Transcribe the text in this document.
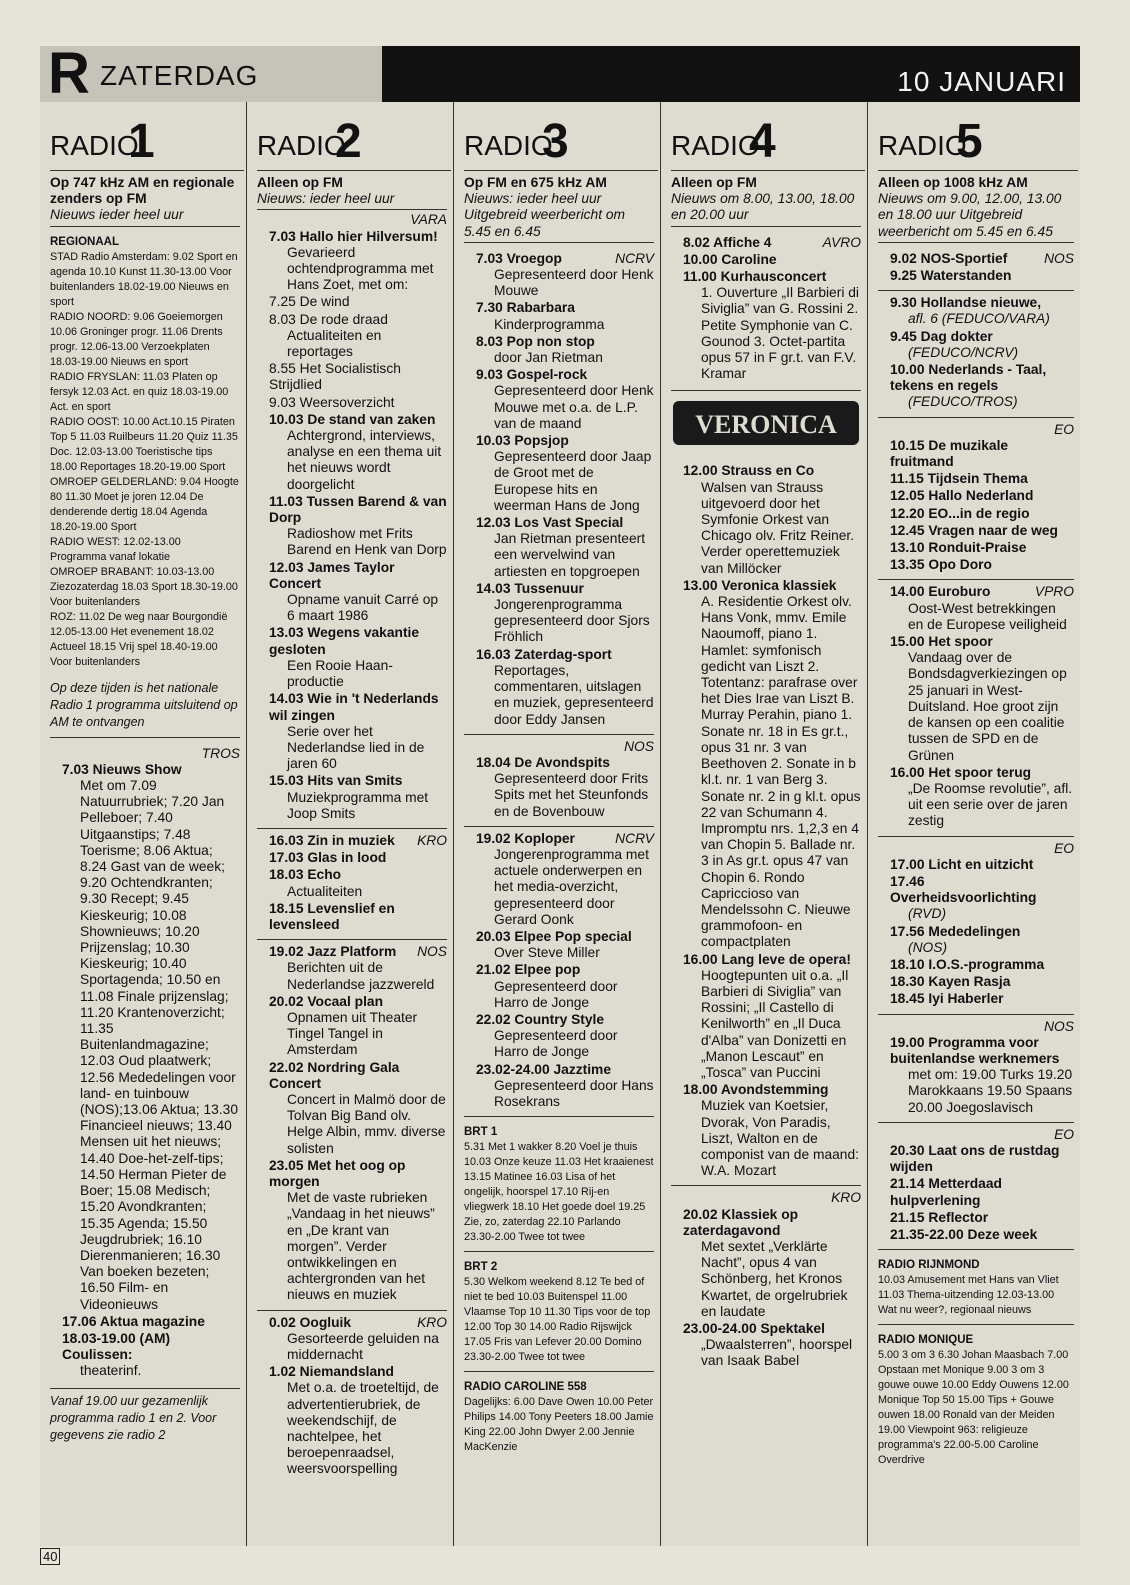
R ZATERDAG	10 JANUARI
RADIO
1
Op 747 kHz AM en regionale zenders op FM
Nieuws ieder heel uur
REGIONAAL
STAD Radio Amsterdam: 9.02 Sport en agenda 10.10 Kunst 11.30-13.00 Voor buitenlanders 18.02-19.00 Nieuws en sport
RADIO NOORD: 9.06 Goeiemorgen 10.06 Groninger progr. 11.06 Drents progr. 12.06-13.00 Verzoekplaten 18.03-19.00 Nieuws en sport
RADIO FRYSLAN: 11.03 Platen op fersyk 12.03 Act. en quiz 18.03-19.00 Act. en sport
RADIO OOST: 10.00 Act.10.15 Piraten Top 5 11.03 Ruilbeurs 11.20 Quiz 11.35 Doc. 12.03-13.00 Toeristische tips 18.00 Reportages 18.20-19.00 Sport
OMROEP GELDERLAND: 9.04 Hoogte 80 11.30 Moet je joren 12.04 De denderende dertig 18.04 Agenda 18.20-19.00 Sport
RADIO WEST: 12.02-13.00 Programma vanaf lokatie
OMROEP BRABANT: 10.03-13.00 Ziezozaterdag 18.03 Sport 18.30-19.00 Voor buitenlanders
ROZ: 11.02 De weg naar Bourgondië 12.05-13.00 Het evenement 18.02 Actueel 18.15 Vrij spel 18.40-19.00 Voor buitenlanders
Op deze tijden is het nationale Radio 1 programma uitsluitend op AM te ontvangen
TROS
7.03 Nieuws Show
Met om 7.09 Natuurrubriek; 7.20 Jan Pelleboer; 7.40 Uitgaanstips; 7.48 Toerisme; 8.06 Aktua; 8.24 Gast van de week; 9.20 Ochtendkranten; 9.30 Recept; 9.45 Kieskeurig; 10.08 Shownieuws; 10.20 Prijzenslag; 10.30 Kieskeurig; 10.40 Sportagenda; 10.50 en 11.08 Finale prijzenslag; 11.20 Krantenoverzicht; 11.35 Buitenlandmagazine; 12.03 Oud plaatwerk; 12.56 Mededelingen voor land- en tuinbouw (NOS);13.06 Aktua; 13.30 Financieel nieuws; 13.40 Mensen uit het nieuws; 14.40 Doe-het-zelf-tips; 14.50 Herman Pieter de Boer; 15.08 Medisch; 15.20 Avondkranten; 15.35 Agenda; 15.50 Jeugdrubriek; 16.10 Dierenmanieren; 16.30 Van boeken bezeten; 16.50 Film- en Videonieuws
17.06 Aktua magazine
18.03-19.00 (AM) Coulissen:
theaterinf.
Vanaf 19.00 uur gezamenlijk programma radio 1 en 2. Voor gegevens zie radio 2
RADIO
2
Alleen op FM
Nieuws: ieder heel uur
VARA
7.03 Hallo hier Hilversum!
Gevarieerd ochtendprogramma met Hans Zoet, met om:
7.25 De wind
8.03 De rode draad
Actualiteiten en reportages
8.55 Het Socialistisch Strijdlied
9.03 Weersoverzicht
10.03 De stand van zaken
Achtergrond, interviews, analyse en een thema uit het nieuws wordt doorgelicht
11.03 Tussen Barend & van Dorp
Radioshow met Frits Barend en Henk van Dorp
12.03 James Taylor Concert
Opname vanuit Carré op 6 maart 1986
13.03 Wegens vakantie gesloten
Een Rooie Haan-productie
14.03 Wie in 't Nederlands wil zingen
Serie over het Nederlandse lied in de jaren 60
15.03 Hits van Smits
Muziekprogramma met Joop Smits
16.03 Zin in muziek KRO
17.03 Glas in lood
18.03 Echo
Actualiteiten
18.15 Levenslief en levensleed
19.02 Jazz Platform NOS
Berichten uit de Nederlandse jazzwereld
20.02 Vocaal plan
Opnamen uit Theater Tingel Tangel in Amsterdam
22.02 Nordring Gala Concert
Concert in Malmö door de Tolvan Big Band olv. Helge Albin, mmv. diverse solisten
23.05 Met het oog op morgen
Met de vaste rubrieken „Vandaag in het nieuws” en „De krant van morgen”. Verder ontwikkelingen en achtergronden van het nieuws en muziek
0.02 Oogluik	KRO
Gesorteerde geluiden na middernacht
1.02 Niemandsland
Met o.a. de troeteltijd, de advertentierubriek, de weekendschijf, de nachtelpee, het beroepenraadsel, weersvoorspelling
RADIO
3
Op FM en 675 kHz AM
Nieuws: ieder heel uur Uitgebreid weerbericht om 5.45 en 6.45
7.03 Vroegop	NCRV
Gepresenteerd door Henk Mouwe
7.30 Rabarbara
Kinderprogramma
8.03 Pop non stop
door Jan Rietman
9.03 Gospel-rock
Gepresenteerd door Henk Mouwe met o.a. de L.P. van de maand
10.03 Popsjop
Gepresenteerd door Jaap de Groot met de Europese hits en weerman Hans de Jong
12.03 Los Vast Special
Jan Rietman presenteert een wervelwind van artiesten en topgroepen
14.03 Tussenuur
Jongerenprogramma gepresenteerd door Sjors Fröhlich
16.03 Zaterdag-sport
Reportages, commentaren, uitslagen en muziek, gepresenteerd door Eddy Jansen
NOS
18.04 De Avondspits
Gepresenteerd door Frits Spits met het Steunfonds en de Bovenbouw
19.02 Koploper	NCRV
Jongerenprogramma met actuele onderwerpen en het media-overzicht, gepresenteerd door Gerard Oonk
20.03 Elpee Pop special
Over Steve Miller
21.02 Elpee pop
Gepresenteerd door Harro de Jonge
22.02 Country Style
Gepresenteerd door Harro de Jonge
23.02-24.00 Jazztime
Gepresenteerd door Hans Rosekrans
BRT 1
5.31 Met 1 wakker 8.20 Voel je thuis 10.03 Onze keuze 11.03 Het kraaienest 13.15 Matinee 16.03 Lisa of het ongelijk, hoorspel 17.10 Rij-en vliegwerk 18.10 Het goede doel 19.25 Zie, zo, zaterdag 22.10 Parlando 23.30-2.00 Twee tot twee
BRT 2
5.30 Welkom weekend 8.12 Te bed of niet te bed 10.03 Buitenspel 11.00 Vlaamse Top 10 11.30 Tips voor de top 12.00 Top 30 14.00 Radio Rijswijck 17.05 Fris van Lefever 20.00 Domino 23.30-2.00 Twee tot twee
RADIO CAROLINE 558
Dagelijks: 6.00 Dave Owen 10.00 Peter Philips 14.00 Tony Peeters 18.00 Jamie King 22.00 John Dwyer 2.00 Jennie MacKenzie
RADIO
4
Alleen op FM
Nieuws om 8.00, 13.00, 18.00 en 20.00 uur
8.02 Affiche 4	AVRO
10.00 Caroline
11.00 Kurhausconcert
1. Ouverture „Il Barbieri di Siviglia” van G. Rossini 2. Petite Symphonie van C. Gounod 3. Octet-partita opus 57 in F gr.t. van F.V. Kramar
VERONICA
12.00 Strauss en Co
Walsen van Strauss uitgevoerd door het Symfonie Orkest van Chicago olv. Fritz Reiner. Verder operettemuziek van Millöcker
13.00 Veronica klassiek
A. Residentie Orkest olv. Hans Vonk, mmv. Emile Naoumoff, piano 1. Hamlet: symfonisch gedicht van Liszt 2. Totentanz: parafrase over het Dies Irae van Liszt B. Murray Perahin, piano 1. Sonate nr. 18 in Es gr.t., opus 31 nr. 3 van Beethoven 2. Sonate in b kl.t. nr. 1 van Berg 3. Sonate nr. 2 in g kl.t. opus 22 van Schumann 4. Impromptu nrs. 1,2,3 en 4 van Chopin 5. Ballade nr. 3 in As gr.t. opus 47 van Chopin 6. Rondo Capriccioso van Mendelssohn C. Nieuwe grammofoon- en compactplaten
16.00 Lang leve de opera!
Hoogtepunten uit o.a. „Il Barbieri di Siviglia” van Rossini; „Il Castello di Kenilworth” en „Il Duca d'Alba” van Donizetti en „Manon Lescaut” en „Tosca” van Puccini
18.00 Avondstemming
Muziek van Koetsier, Dvorak, Von Paradis, Liszt, Walton en de componist van de maand: W.A. Mozart
KRO
20.02 Klassiek op zaterdagavond
Met sextet „Verklärte Nacht”, opus 4 van Schönberg, het Kronos Kwartet, de orgelrubriek en laudate
23.00-24.00 Spektakel
„Dwaalsterren”, hoorspel van Isaak Babel
RADIO
5
Alleen op 1008 kHz AM
Nieuws om 9.00, 12.00, 13.00 en 18.00 uur Uitgebreid weerbericht om 5.45 en 6.45
9.02 NOS-Sportief	NOS
9.25 Waterstanden
9.30 Hollandse nieuwe,
afl. 6 (FEDUCO/VARA)
9.45 Dag dokter
(FEDUCO/NCRV)
10.00 Nederlands - Taal, tekens en regels
(FEDUCO/TROS)
EO
10.15 De muzikale fruitmand
11.15 Tijdsein Thema
12.05 Hallo Nederland
12.20 EO...in de regio
12.45 Vragen naar de weg
13.10 Ronduit-Praise
13.35 Opo Doro
14.00 Euroburo	VPRO
Oost-West betrekkingen en de Europese veiligheid
15.00 Het spoor
Vandaag over de Bondsdagverkiezingen op 25 januari in West-Duitsland. Hoe groot zijn de kansen op een coalitie tussen de SPD en de Grünen
16.00 Het spoor terug
„De Roomse revolutie”, afl. uit een serie over de jaren zestig
EO
17.00 Licht en uitzicht
17.46 Overheidsvoorlichting
(RVD)
17.56 Mededelingen
(NOS)
18.10 I.O.S.-programma
18.30 Kayen Rasja
18.45 Iyi Haberler
NOS
19.00 Programma voor buitenlandse werknemers
met om: 19.00 Turks 19.20 Marokkaans 19.50 Spaans 20.00 Joegoslavisch
EO
20.30 Laat ons de rustdag wijden
21.14 Metterdaad hulpverlening
21.15 Reflector
21.35-22.00 Deze week
RADIO RIJNMOND
10.03 Amusement met Hans van Vliet 11.03 Thema-uitzending 12.03-13.00 Wat nu weer?, regionaal nieuws
RADIO MONIQUE
5.00 3 om 3 6.30 Johan Maasbach 7.00 Opstaan met Monique 9.00 3 om 3 gouwe ouwe 10.00 Eddy Ouwens 12.00 Monique Top 50 15.00 Tips + Gouwe ouwen 18.00 Ronald van der Meiden 19.00 Viewpoint 963: religieuze programma's 22.00-5.00 Caroline Overdrive
40
